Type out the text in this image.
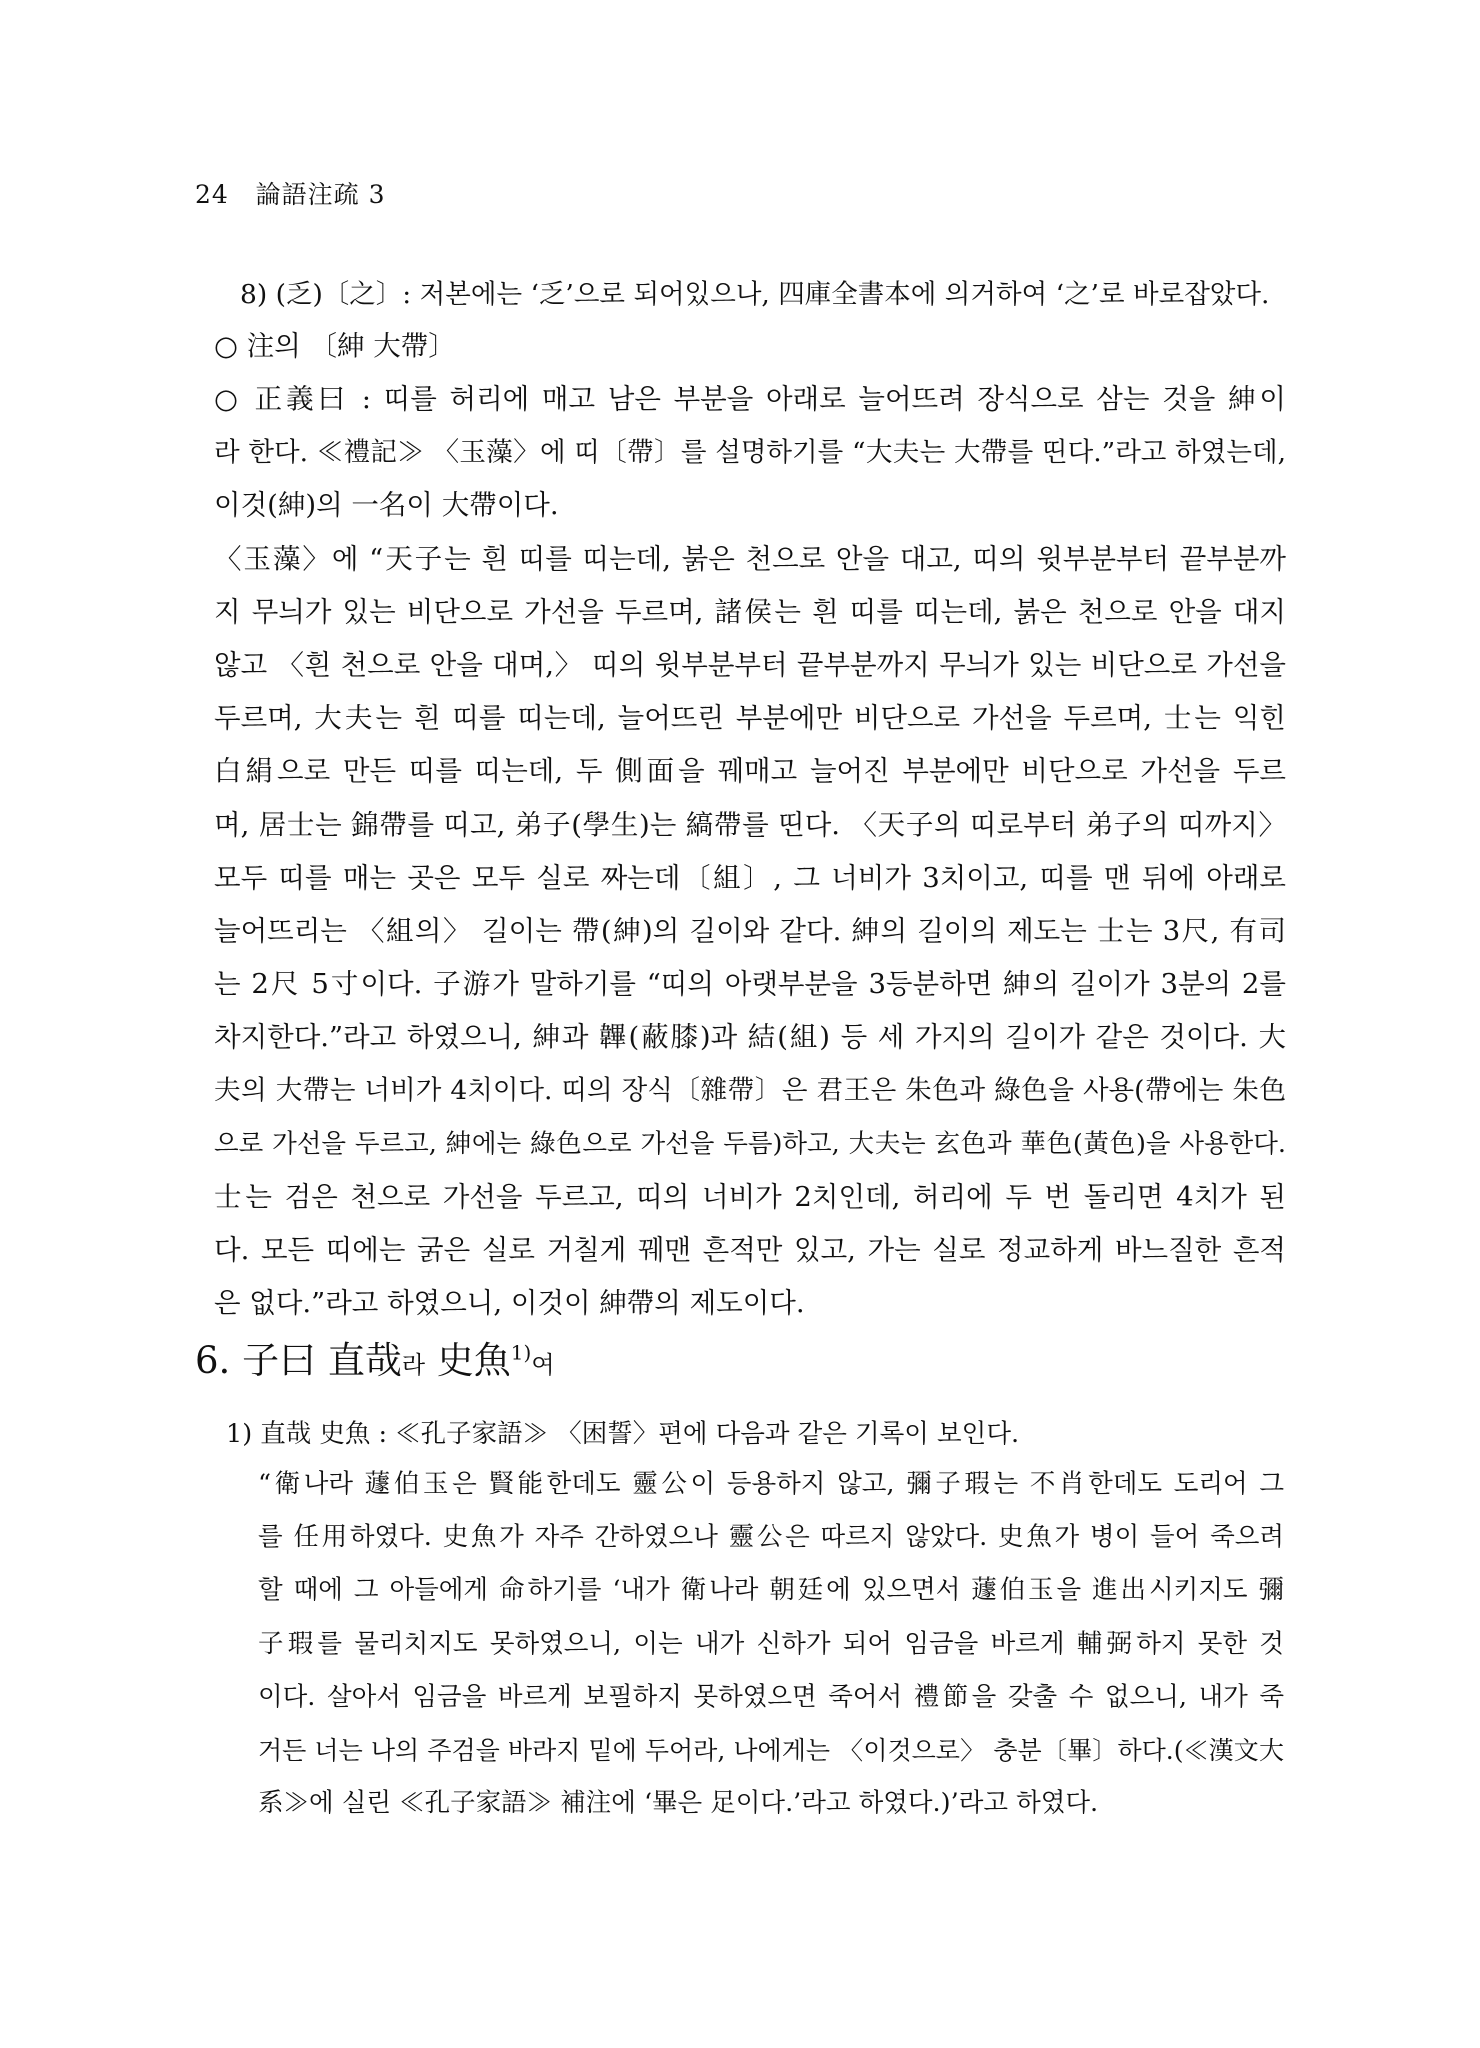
24 論語注疏 3
8) (乏)〔之〕: 저본에는 ‘乏’으로 되어있으나, 四庫全書本에 의거하여 ‘之’로 바로잡았다.
○ 注의 〔紳 大帶〕
○ 正義曰 : 띠를 허리에 매고 남은 부분을 아래로 늘어뜨려 장식으로 삼는 것을 紳이
라 한다. ≪禮記≫ 〈玉藻〉에 띠〔帶〕를 설명하기를 “大夫는 大帶를 띤다.”라고 하였는데,
이것(紳)의 一名이 大帶이다.
〈玉藻〉에 “天子는 흰 띠를 띠는데, 붉은 천으로 안을 대고, 띠의 윗부분부터 끝부분까
지 무늬가 있는 비단으로 가선을 두르며, 諸侯는 흰 띠를 띠는데, 붉은 천으로 안을 대지
않고 〈흰 천으로 안을 대며,〉 띠의 윗부분부터 끝부분까지 무늬가 있는 비단으로 가선을
두르며, 大夫는 흰 띠를 띠는데, 늘어뜨린 부분에만 비단으로 가선을 두르며, 士는 익힌
白絹으로 만든 띠를 띠는데, 두 側面을 꿰매고 늘어진 부분에만 비단으로 가선을 두르
며, 居士는 錦帶를 띠고, 弟子(學生)는 縞帶를 띤다. 〈天子의 띠로부터 弟子의 띠까지〉
모두 띠를 매는 곳은 모두 실로 짜는데〔組〕, 그 너비가 3치이고, 띠를 맨 뒤에 아래로
늘어뜨리는 〈組의〉 길이는 帶(紳)의 길이와 같다. 紳의 길이의 제도는 士는 3尺, 有司
는 2尺 5寸이다. 子游가 말하기를 “띠의 아랫부분을 3등분하면 紳의 길이가 3분의 2를
차지한다.”라고 하였으니, 紳과 韠(蔽膝)과 結(組) 등 세 가지의 길이가 같은 것이다. 大
夫의 大帶는 너비가 4치이다. 띠의 장식〔雜帶〕은 君王은 朱色과 綠色을 사용(帶에는 朱色
으로 가선을 두르고, 紳에는 綠色으로 가선을 두름)하고, 大夫는 玄色과 華色(黃色)을 사용한다.
士는 검은 천으로 가선을 두르고, 띠의 너비가 2치인데, 허리에 두 번 돌리면 4치가 된
다. 모든 띠에는 굵은 실로 거칠게 꿰맨 흔적만 있고, 가는 실로 정교하게 바느질한 흔적
은 없다.”라고 하였으니, 이것이 紳帶의 제도이다.
6. 子曰 直哉라 史魚$^{1)}$여
1) 直哉 史魚 : ≪孔子家語≫ 〈困誓〉편에 다음과 같은 기록이 보인다.
“衛나라 蘧伯玉은 賢能한데도 靈公이 등용하지 않고, 彌子瑕는 不肖한데도 도리어 그
를 任用하였다. 史魚가 자주 간하였으나 靈公은 따르지 않았다. 史魚가 병이 들어 죽으려
할 때에 그 아들에게 命하기를 ‘내가 衛나라 朝廷에 있으면서 蘧伯玉을 進出시키지도 彌
子瑕를 물리치지도 못하였으니, 이는 내가 신하가 되어 임금을 바르게 輔弼하지 못한 것
이다. 살아서 임금을 바르게 보필하지 못하였으면 죽어서 禮節을 갖출 수 없으니, 내가 죽
거든 너는 나의 주검을 바라지 밑에 두어라, 나에게는 〈이것으로〉 충분〔畢〕하다.(≪漢文大
系≫에 실린 ≪孔子家語≫ 補注에 ‘畢은 足이다.’라고 하였다.)’라고 하였다.
